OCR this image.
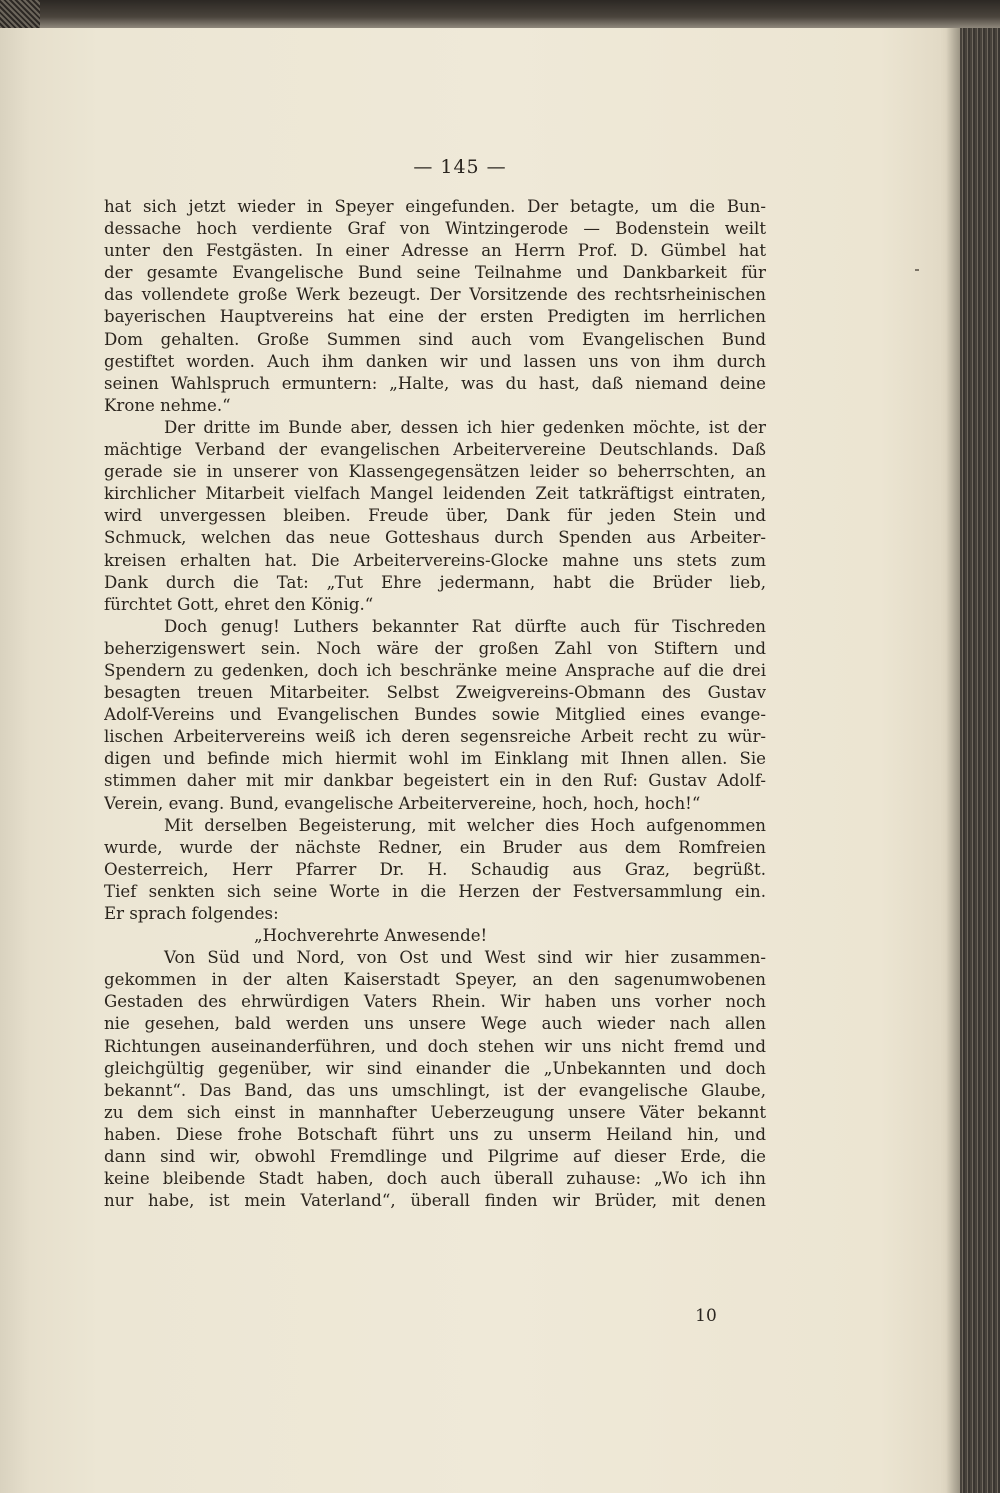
— 145 —
hat sich jetzt wieder in Speyer eingefunden. Der betagte, um die Bun-
dessache hoch verdiente Graf von Wintzingerode — Bodenstein weilt
unter den Festgästen. In einer Adresse an Herrn Prof. D. Gümbel hat
der gesamte Evangelische Bund seine Teilnahme und Dankbarkeit für
das vollendete große Werk bezeugt. Der Vorsitzende des rechtsrheinischen
bayerischen Hauptvereins hat eine der ersten Predigten im herrlichen
Dom gehalten. Große Summen sind auch vom Evangelischen Bund
gestiftet worden. Auch ihm danken wir und lassen uns von ihm durch
seinen Wahlspruch ermuntern: „Halte, was du hast, daß niemand deine
Krone nehme.“
Der dritte im Bunde aber, dessen ich hier gedenken möchte, ist der
mächtige Verband der evangelischen Arbeitervereine Deutschlands. Daß
gerade sie in unserer von Klassengegensätzen leider so beherrschten, an
kirchlicher Mitarbeit vielfach Mangel leidenden Zeit tatkräftigst eintraten,
wird unvergessen bleiben. Freude über, Dank für jeden Stein und
Schmuck, welchen das neue Gotteshaus durch Spenden aus Arbeiter-
kreisen erhalten hat. Die Arbeitervereins-Glocke mahne uns stets zum
Dank durch die Tat: „Tut Ehre jedermann, habt die Brüder lieb,
fürchtet Gott, ehret den König.“
Doch genug! Luthers bekannter Rat dürfte auch für Tischreden
beherzigenswert sein. Noch wäre der großen Zahl von Stiftern und
Spendern zu gedenken, doch ich beschränke meine Ansprache auf die drei
besagten treuen Mitarbeiter. Selbst Zweigvereins-Obmann des Gustav
Adolf-Vereins und Evangelischen Bundes sowie Mitglied eines evange-
lischen Arbeitervereins weiß ich deren segensreiche Arbeit recht zu wür-
digen und befinde mich hiermit wohl im Einklang mit Ihnen allen. Sie
stimmen daher mit mir dankbar begeistert ein in den Ruf: Gustav Adolf-
Verein, evang. Bund, evangelische Arbeitervereine, hoch, hoch, hoch!“
Mit derselben Begeisterung, mit welcher dies Hoch aufgenommen
wurde, wurde der nächste Redner, ein Bruder aus dem Romfreien
Oesterreich, Herr Pfarrer Dr. H. Schaudig aus Graz, begrüßt.
Tief senkten sich seine Worte in die Herzen der Festversammlung ein.
Er sprach folgendes:
„Hochverehrte Anwesende!
Von Süd und Nord, von Ost und West sind wir hier zusammen-
gekommen in der alten Kaiserstadt Speyer, an den sagenumwobenen
Gestaden des ehrwürdigen Vaters Rhein. Wir haben uns vorher noch
nie gesehen, bald werden uns unsere Wege auch wieder nach allen
Richtungen auseinanderführen, und doch stehen wir uns nicht fremd und
gleichgültig gegenüber, wir sind einander die „Unbekannten und doch
bekannt“. Das Band, das uns umschlingt, ist der evangelische Glaube,
zu dem sich einst in mannhafter Ueberzeugung unsere Väter bekannt
haben. Diese frohe Botschaft führt uns zu unserm Heiland hin, und
dann sind wir, obwohl Fremdlinge und Pilgrime auf dieser Erde, die
keine bleibende Stadt haben, doch auch überall zuhause: „Wo ich ihn
nur habe, ist mein Vaterland“, überall finden wir Brüder, mit denen
10
